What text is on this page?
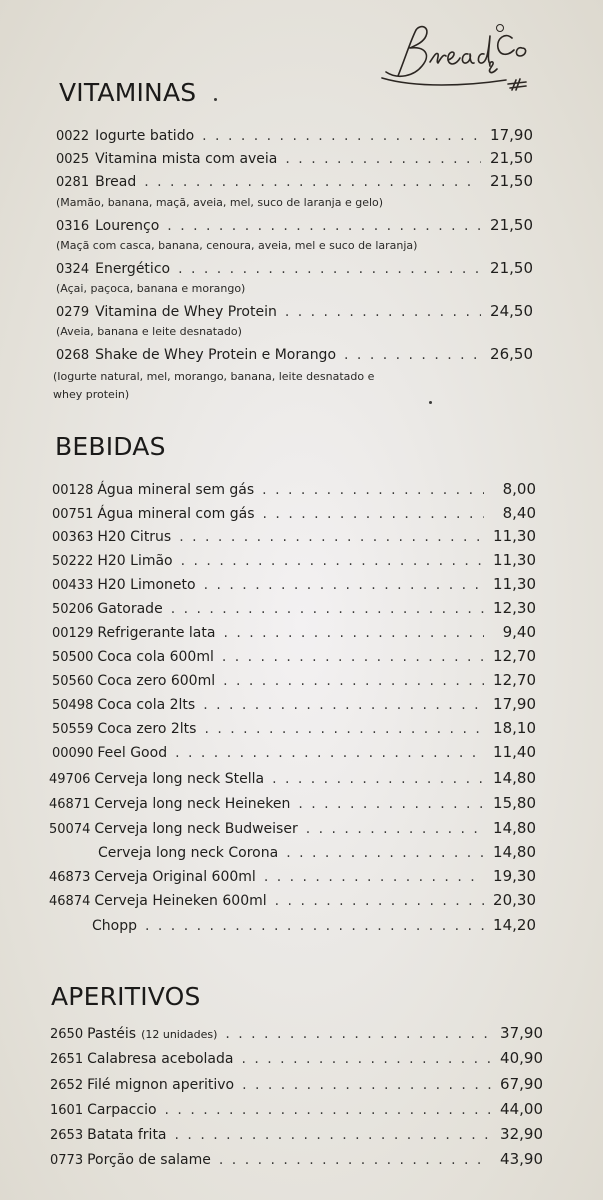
VITAMINAS
0022 Iogurte batido . . .	17,90
0025 Vitamina mista com aveia . . .	21,50
0281 Bread . . .	21,50
(Mamão, banana, maçã, aveia, mel, suco de laranja e gelo)
0316 Lourenço . . .	21,50
(Maçã com casca, banana, cenoura, aveia, mel e suco de laranja)
0324 Energético . . .	21,50
(Açai, paçoca, banana e morango)
0279 Vitamina de Whey Protein . . .	24,50
(Aveia, banana e leite desnatado)
0268 Shake de Whey Protein e Morango . . .	26,50
(Iogurte natural, mel, morango, banana, leite desnatado e
whey protein)
BEBIDAS
00128 Água mineral sem gás . . .	8,00
00751 Água mineral com gás . . .	8,40
00363 H20 Citrus . . .	11,30
50222 H20 Limão . . .	11,30
00433 H20 Limoneto . . .	11,30
50206 Gatorade . . .	12,30
00129 Refrigerante lata . . .	9,40
50500 Coca cola 600ml . . .	12,70
50560 Coca zero 600ml . . .	12,70
50498 Coca cola 2lts . . .	17,90
50559 Coca zero 2lts . . .	18,10
00090 Feel Good . . .	11,40
49706 Cerveja long neck Stella . . .	14,80
46871 Cerveja long neck Heineken . . .	15,80
50074 Cerveja long neck Budweiser . . .	14,80
Cerveja long neck Corona . . .	14,80
46873 Cerveja Original 600ml . . .	19,30
46874 Cerveja Heineken 600ml . . .	20,30
Chopp . . .	14,20
APERITIVOS
2650 Pastéis (12 unidades) . . .	37,90
2651 Calabresa acebolada . . .	40,90
2652 Filé mignon aperitivo . . .	67,90
1601 Carpaccio . . .	44,00
2653 Batata frita . . .	32,90
0773 Porção de salame . . .	43,90
